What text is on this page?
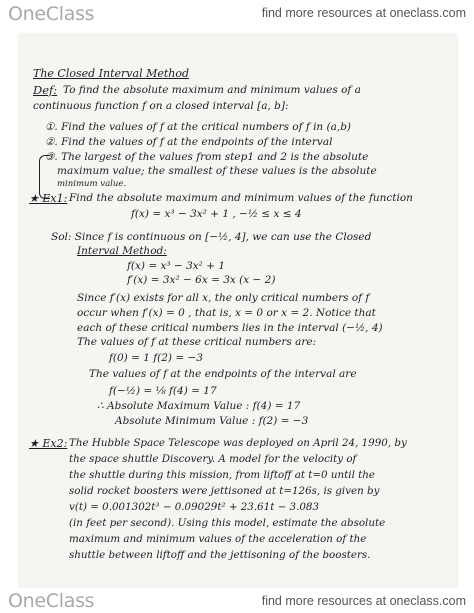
OneClass	find more resources at oneclass.com
The Closed Interval Method
Def: To find the absolute maximum and minimum values of a
continuous function f on a closed interval [a, b]:
①. Find the values of f at the critical numbers of f in (a,b)
②. Find the values of f at the endpoints of the interval
③. The largest of the values from step1 and 2 is the absolute
maximum value; the smallest of these values is the absolute
minimum value.
★ Ex1: Find the absolute maximum and minimum values of the function
f(x) = x³ − 3x² + 1 , −½ ≤ x ≤ 4
Sol: Since f is continuous on [−½, 4], we can use the Closed
Interval Method:
f(x) = x³ − 3x² + 1
f′(x) = 3x² − 6x = 3x (x − 2)
Since f′(x) exists for all x, the only critical numbers of f
occur when f′(x) = 0 , that is, x = 0 or x = 2. Notice that
each of these critical numbers lies in the interval (−½, 4)
The values of f at these critical numbers are:
f(0) = 1 f(2) = −3
The values of f at the endpoints of the interval are
f(−½) = ⅛ f(4) = 17
∴ Absolute Maximum Value : f(4) = 17
Absolute Minimum Value : f(2) = −3
★ Ex2: The Hubble Space Telescope was deployed on April 24, 1990, by
the space shuttle Discovery. A model for the velocity of
the shuttle during this mission, from liftoff at t=0 until the
solid rocket boosters were jettisoned at t=126s, is given by
v(t) = 0.001302t³ − 0.09029t² + 23.61t − 3.083
(in feet per second). Using this model, estimate the absolute
maximum and minimum values of the acceleration of the
shuttle between liftoff and the jettisoning of the boosters.
OneClass	find more resources at oneclass.com
